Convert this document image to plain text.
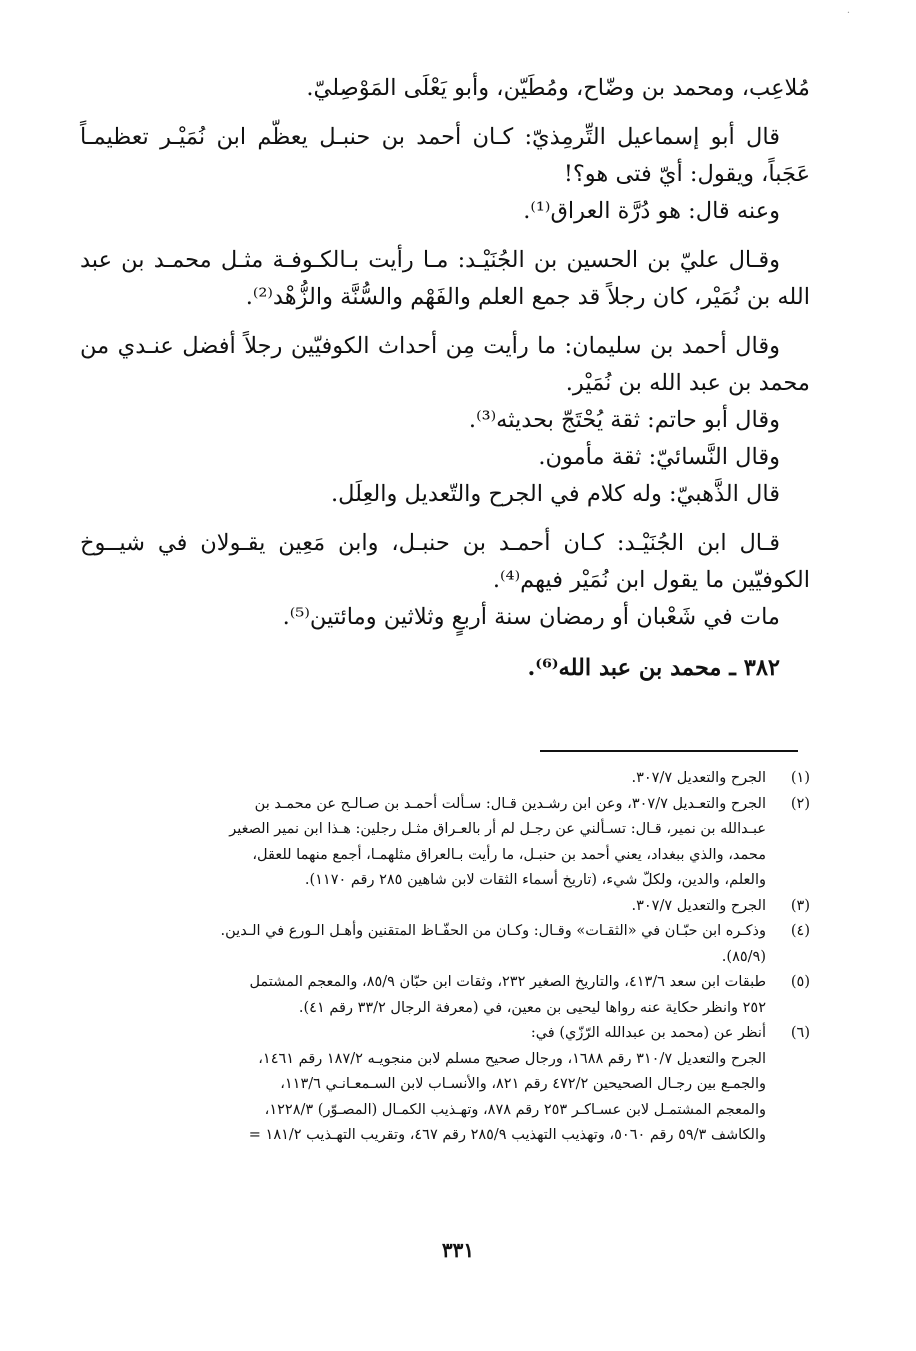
·

مُلاعِب، ومحمد بن وضّاح، ومُطَيّن، وأبو يَعْلَى المَوْصِليّ.

قال أبو إسماعيل التِّرمِذيّ: كـان أحمد بن حنبـل يعظّم ابن نُمَيْـر تعظيمـاً عَجَباً، ويقول: أيّ فتى هو؟!

وعنه قال: هو دُرَّة العراق⁽¹⁾.

وقـال عليّ بن الحسين بن الجُنَيْـد: مـا رأيت بـالكـوفـة مثـل محمـد بن عبد الله بن نُمَيْر، كان رجلاً قد جمع العلم والفَهْم والسُّنَّة والزُّهْد⁽²⁾.

وقال أحمد بن سليمان: ما رأيت مِن أحداث الكوفيّين رجلاً أفضل عنـدي من محمد بن عبد الله بن نُمَيْر.

وقال أبو حاتم: ثقة يُحْتَجّ بحديثه⁽³⁾.

وقال النَّسائيّ: ثقة مأمون.

قال الذَّهبيّ: وله كلام في الجرح والتّعديل والعِلَل.

قـال ابن الجُنَيْـد: كـان أحمـد بن حنبـل، وابن مَعِين يقـولان في شيــوخ الكوفيّين ما يقول ابن نُمَيْر فيهم⁽⁴⁾.

مات في شَعْبان أو رمضان سنة أربعٍ وثلاثين ومائتين⁽⁵⁾.

٣٨٢ ـ محمد بن عبد الله⁽⁶⁾.

(١)
الجرح والتعديل ٣٠٧/٧.
(٢)
الجرح والتعـديل ٣٠٧/٧، وعن ابن رشـدين قـال: سـألت أحمـد بن صـالـح عن محمـد بن
عبـدالله بن نمير، قـال: تسـألني عن رجـل لم أر بالعـراق مثـل رجلين: هـذا ابن نمير الصغير
محمد، والذي ببغداد، يعني أحمد بن حنبـل، ما رأيت بـالعراق مثلهمـا، أجمع منهما للعقل،
والعلم، والدين، ولكلّ شيء، (تاريخ أسماء الثقات لابن شاهين ٢٨٥ رقم ١١٧٠).
(٣)
الجرح والتعديل ٣٠٧/٧.
(٤)
وذكـره ابن حبّـان في «الثقـات» وقـال: وكـان من الحفّـاظ المتقنين وأهـل الـورع في الـدين.
(٨٥/٩).
(٥)
طبقات ابن سعد ٤١٣/٦، والتاريخ الصغير ٢٣٢، وثقات ابن حبّان ٨٥/٩، والمعجم المشتمل
٢٥٢ وانظر حكاية عنه رواها ليحيى بن معين، في (معرفة الرجال ٣٣/٢ رقم ٤١).
(٦)
أنظر عن (محمد بن عبدالله الرّزّي) في:
الجرح والتعديل ٣١٠/٧ رقم ١٦٨٨، ورجال صحيح مسلم لابن منجويـه ١٨٧/٢ رقم ١٤٦١،
والجمـع بين رجـال الصحيحين ٤٧٢/٢ رقم ٨٢١، والأنسـاب لابن السـمعـانـي ١١٣/٦،
والمعجم المشتمـل لابن عسـاكـر ٢٥٣ رقم ٨٧٨، وتهـذيب الكمـال (المصـوّر) ١٢٢٨/٣،
والكاشف ٥٩/٣ رقم ٥٠٦٠، وتهذيب التهذيب ٢٨٥/٩ رقم ٤٦٧، وتقريب التهـذيب ١٨١/٢ =
٣٣١
